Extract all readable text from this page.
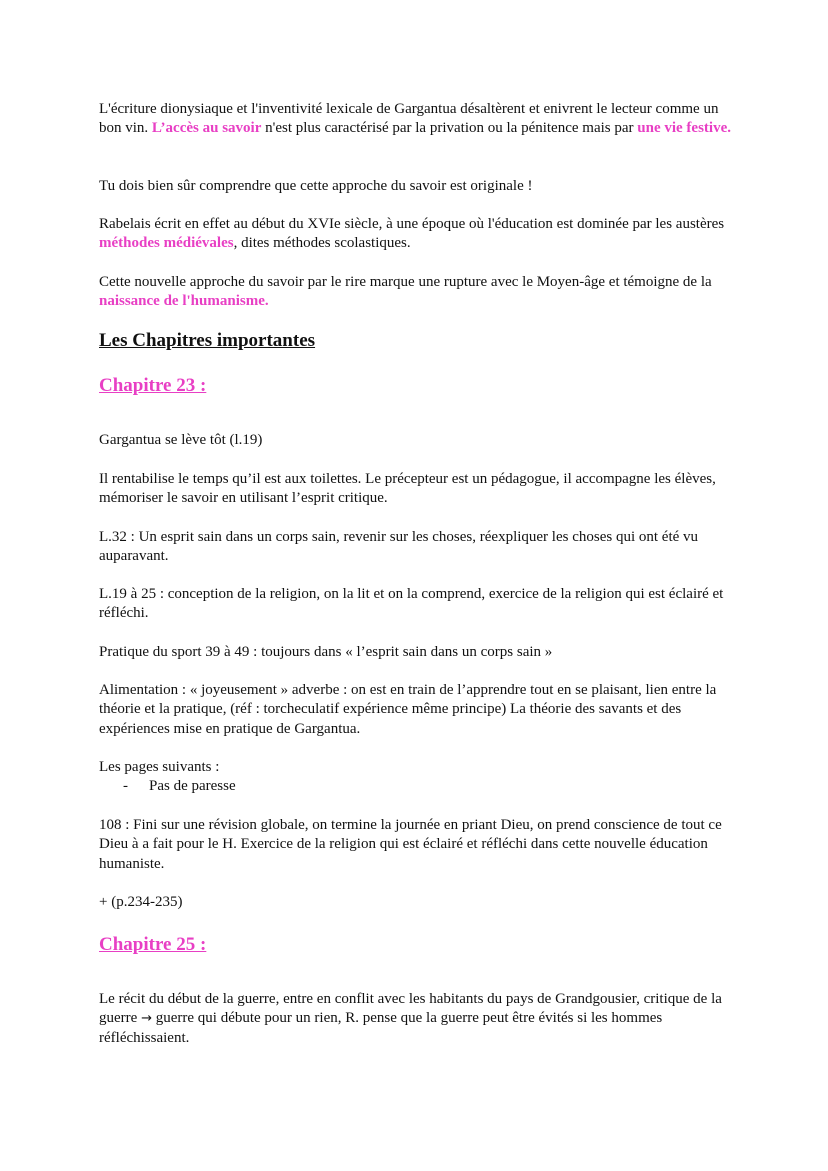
L'écriture dionysiaque et l'inventivité lexicale de Gargantua désaltèrent et enivrent le lecteur comme un bon vin. L’accès au savoir n'est plus caractérisé par la privation ou la pénitence mais par une vie festive.

Tu dois bien sûr comprendre que cette approche du savoir est originale !

Rabelais écrit en effet au début du XVIe siècle, à une époque où l'éducation est dominée par les austères méthodes médiévales, dites méthodes scolastiques.

Cette nouvelle approche du savoir par le rire marque une rupture avec le Moyen-âge et témoigne de la naissance de l'humanisme.

Les Chapitres importantes
Chapitre 23 :

Gargantua se lève tôt (l.19)

Il rentabilise le temps qu’il est aux toilettes. Le précepteur est un pédagogue, il accompagne les élèves, mémoriser le savoir en utilisant l’esprit critique.

L.32 : Un esprit sain dans un corps sain, revenir sur les choses, réexpliquer les choses qui ont été vu auparavant.

L.19 à 25 : conception de la religion, on la lit et on la comprend, exercice de la religion qui est éclairé et réfléchi.

Pratique du sport 39 à 49 : toujours dans « l’esprit sain dans un corps sain »

Alimentation : « joyeusement » adverbe : on est en train de l’apprendre tout en se plaisant, lien entre la théorie et la pratique, (réf : torcheculatif expérience même principe) La théorie des savants et des expériences mise en pratique de Gargantua.

Les pages suivants :
- Pas de paresse

108 : Fini sur une révision globale, on termine la journée en priant Dieu, on prend conscience de tout ce Dieu à a fait pour le H. Exercice de la religion qui est éclairé et réfléchi dans cette nouvelle éducation humaniste.

+ (p.234-235)

Chapitre 25 :

Le récit du début de la guerre, entre en conflit avec les habitants du pays de Grandgousier, critique de la guerre → guerre qui débute pour un rien, R. pense que la guerre peut être évités si les hommes réfléchissaient.
